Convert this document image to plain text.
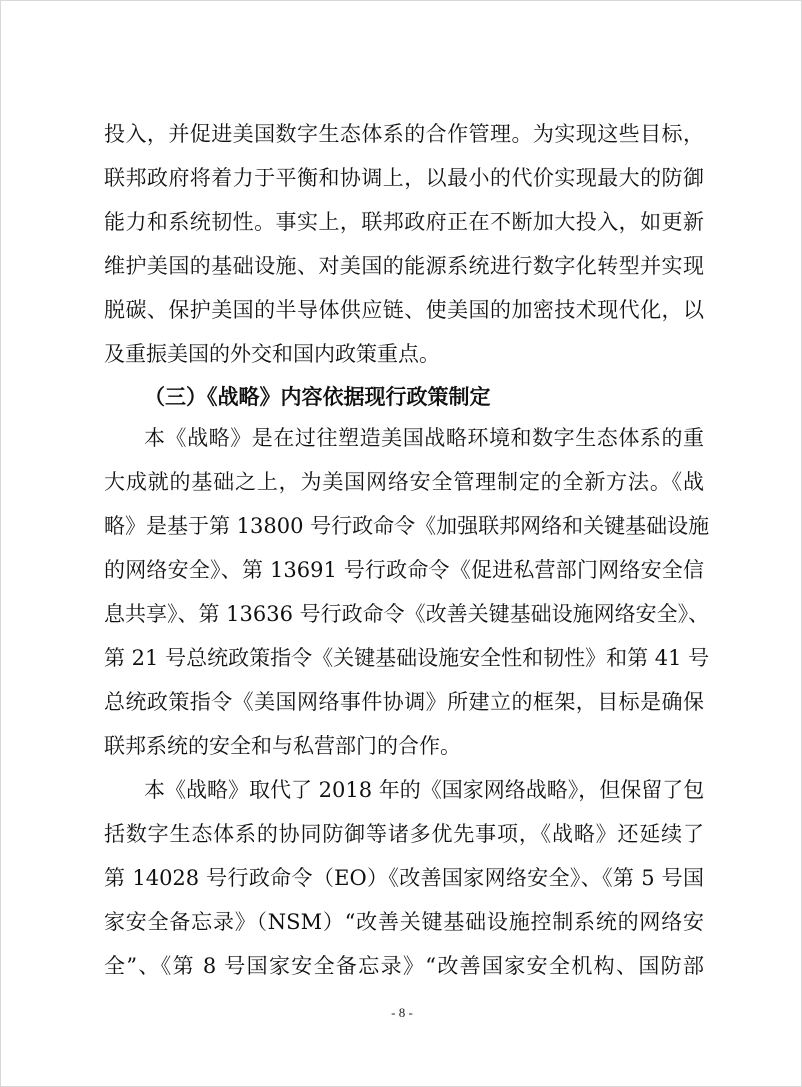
投入，并促进美国数字生态体系的合作管理。为实现这些目标，
联邦政府将着力于平衡和协调上，以最小的代价实现最大的防御
能力和系统韧性。事实上，联邦政府正在不断加大投入，如更新
维护美国的基础设施、对美国的能源系统进行数字化转型并实现
脱碳、保护美国的半导体供应链、使美国的加密技术现代化，以
及重振美国的外交和国内政策重点。
（三）《战略》内容依据现行政策制定
本《战略》是在过往塑造美国战略环境和数字生态体系的重
大成就的基础之上，为美国网络安全管理制定的全新方法。《战
略》是基于第 13800 号行政命令《加强联邦网络和关键基础设施
的网络安全》、第 13691 号行政命令《促进私营部门网络安全信
息共享》、第 13636 号行政命令《改善关键基础设施网络安全》、
第 21 号总统政策指令《关键基础设施安全性和韧性》和第 41 号
总统政策指令《美国网络事件协调》所建立的框架，目标是确保
联邦系统的安全和与私营部门的合作。
本《战略》取代了 2018 年的《国家网络战略》，但保留了包
括数字生态体系的协同防御等诸多优先事项，《战略》还延续了
第 14028 号行政命令（EO）《改善国家网络安全》、《第 5 号国
家安全备忘录》（NSM）“改善关键基础设施控制系统的网络安
全”、《第 8 号国家安全备忘录》“改善国家安全机构、国防部
- 8 -
